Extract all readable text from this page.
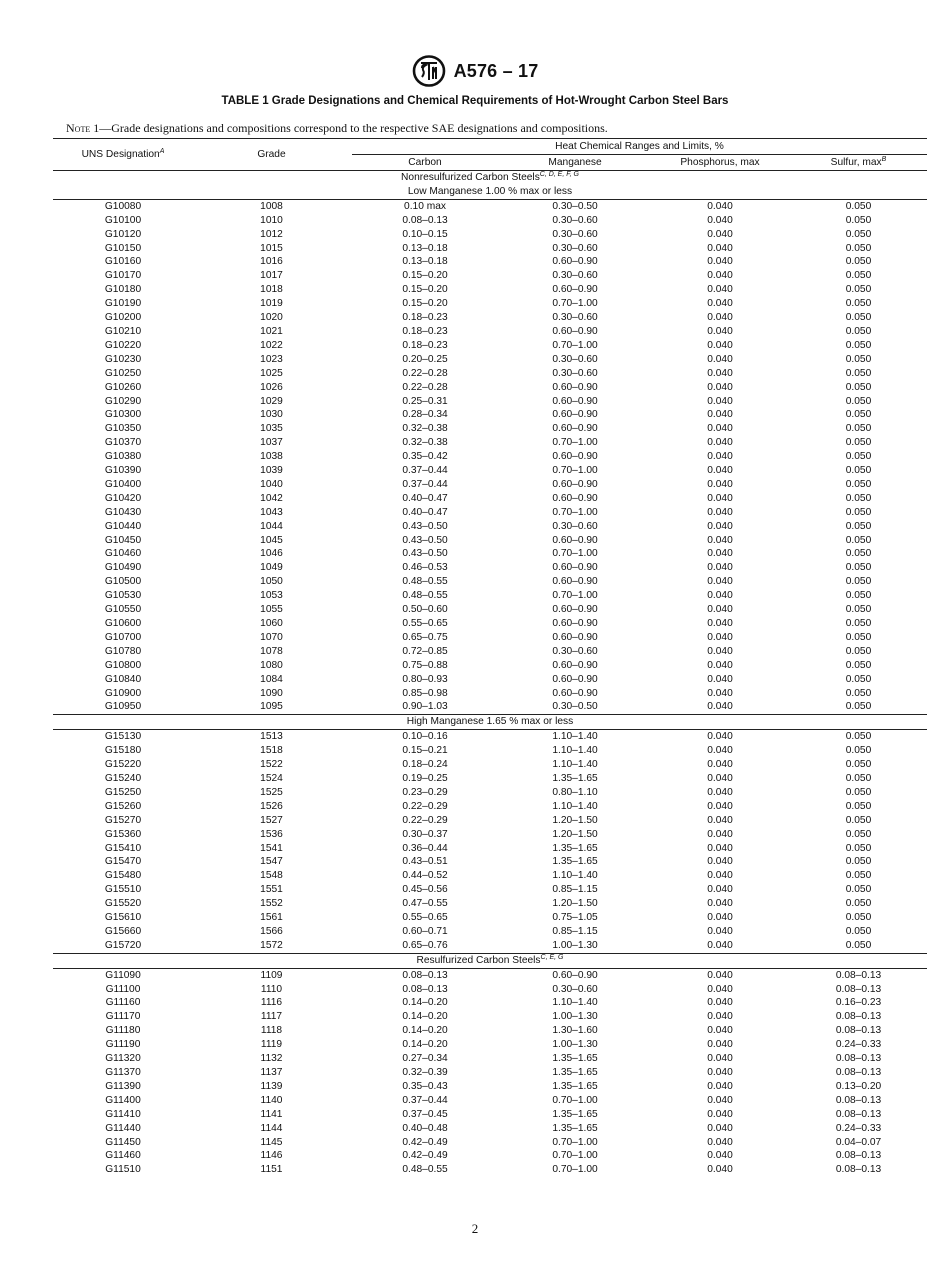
A576 – 17
TABLE 1 Grade Designations and Chemical Requirements of Hot-Wrought Carbon Steel Bars
Note 1—Grade designations and compositions correspond to the respective SAE designations and compositions.
UNS Designation$^A$	Grade	Heat Chemical Ranges and Limits, %			

		Carbon	Manganese	Phosphorus, max	Sulfur, $\max^B$
Nonresulfurized Carbon Steels$^{C, D, E, F, G}$
Low Manganese 1.00 % max or less					
G10080	1008	0.10 max	0.30–0.50	0.040	0.050
G10100	1010	0.08–0.13	0.30–0.60	0.040	0.050
G10120	1012	0.10–0.15	0.30–0.60	0.040	0.050
G10150	1015	0.13–0.18	0.30–0.60	0.040	0.050
G10160	1016	0.13–0.18	0.60–0.90	0.040	0.050
G10170	1017	0.15–0.20	0.30–0.60	0.040	0.050
G10180	1018	0.15–0.20	0.60–0.90	0.040	0.050
G10190	1019	0.15–0.20	0.70–1.00	0.040	0.050
G10200	1020	0.18–0.23	0.30–0.60	0.040	0.050
G10210	1021	0.18–0.23	0.60–0.90	0.040	0.050
G10220	1022	0.18–0.23	0.70–1.00	0.040	0.050
G10230	1023	0.20–0.25	0.30–0.60	0.040	0.050
G10250	1025	0.22–0.28	0.30–0.60	0.040	0.050
G10260	1026	0.22–0.28	0.60–0.90	0.040	0.050
G10290	1029	0.25–0.31	0.60–0.90	0.040	0.050
G10300	1030	0.28–0.34	0.60–0.90	0.040	0.050
G10350	1035	0.32–0.38	0.60–0.90	0.040	0.050
G10370	1037	0.32–0.38	0.70–1.00	0.040	0.050
G10380	1038	0.35–0.42	0.60–0.90	0.040	0.050
G10390	1039	0.37–0.44	0.70–1.00	0.040	0.050
G10400	1040	0.37–0.44	0.60–0.90	0.040	0.050
G10420	1042	0.40–0.47	0.60–0.90	0.040	0.050
G10430	1043	0.40–0.47	0.70–1.00	0.040	0.050
G10440	1044	0.43–0.50	0.30–0.60	0.040	0.050
G10450	1045	0.43–0.50	0.60–0.90	0.040	0.050
G10460	1046	0.43–0.50	0.70–1.00	0.040	0.050
G10490	1049	0.46–0.53	0.60–0.90	0.040	0.050
G10500	1050	0.48–0.55	0.60–0.90	0.040	0.050
G10530	1053	0.48–0.55	0.70–1.00	0.040	0.050
G10550	1055	0.50–0.60	0.60–0.90	0.040	0.050
G10600	1060	0.55–0.65	0.60–0.90	0.040	0.050
G10700	1070	0.65–0.75	0.60–0.90	0.040	0.050
G10780	1078	0.72–0.85	0.30–0.60	0.040	0.050
G10800	1080	0.75–0.88	0.60–0.90	0.040	0.050
G10840	1084	0.80–0.93	0.60–0.90	0.040	0.050
G10900	1090	0.85–0.98	0.60–0.90	0.040	0.050
G10950	1095	0.90–1.03	0.30–0.50	0.040	0.050
High Manganese 1.65 % max or less					
G15130	1513	0.10–0.16	1.10–1.40	0.040	0.050
G15180	1518	0.15–0.21	1.10–1.40	0.040	0.050
G15220	1522	0.18–0.24	1.10–1.40	0.040	0.050
G15240	1524	0.19–0.25	1.35–1.65	0.040	0.050
G15250	1525	0.23–0.29	0.80–1.10	0.040	0.050
G15260	1526	0.22–0.29	1.10–1.40	0.040	0.050
G15270	1527	0.22–0.29	1.20–1.50	0.040	0.050
G15360	1536	0.30–0.37	1.20–1.50	0.040	0.050
G15410	1541	0.36–0.44	1.35–1.65	0.040	0.050
G15470	1547	0.43–0.51	1.35–1.65	0.040	0.050
G15480	1548	0.44–0.52	1.10–1.40	0.040	0.050
G15510	1551	0.45–0.56	0.85–1.15	0.040	0.050
G15520	1552	0.47–0.55	1.20–1.50	0.040	0.050
G15610	1561	0.55–0.65	0.75–1.05	0.040	0.050
G15660	1566	0.60–0.71	0.85–1.15	0.040	0.050
G15720	1572	0.65–0.76	1.00–1.30	0.040	0.050
Resulfurized Carbon Steels$^{C, E, G}$
G11090	1109	0.08–0.13	0.60–0.90	0.040	0.08–0.13
G11100	1110	0.08–0.13	0.30–0.60	0.040	0.08–0.13
G11160	1116	0.14–0.20	1.10–1.40	0.040	0.16–0.23
G11170	1117	0.14–0.20	1.00–1.30	0.040	0.08–0.13
G11180	1118	0.14–0.20	1.30–1.60	0.040	0.08–0.13
G11190	1119	0.14–0.20	1.00–1.30	0.040	0.24–0.33
G11320	1132	0.27–0.34	1.35–1.65	0.040	0.08–0.13
G11370	1137	0.32–0.39	1.35–1.65	0.040	0.08–0.13
G11390	1139	0.35–0.43	1.35–1.65	0.040	0.13–0.20
G11400	1140	0.37–0.44	0.70–1.00	0.040	0.08–0.13
G11410	1141	0.37–0.45	1.35–1.65	0.040	0.08–0.13
G11440	1144	0.40–0.48	1.35–1.65	0.040	0.24–0.33
G11450	1145	0.42–0.49	0.70–1.00	0.040	0.04–0.07
G11460	1146	0.42–0.49	0.70–1.00	0.040	0.08–0.13
G11510	1151	0.48–0.55	0.70–1.00	0.040	0.08–0.13
2
